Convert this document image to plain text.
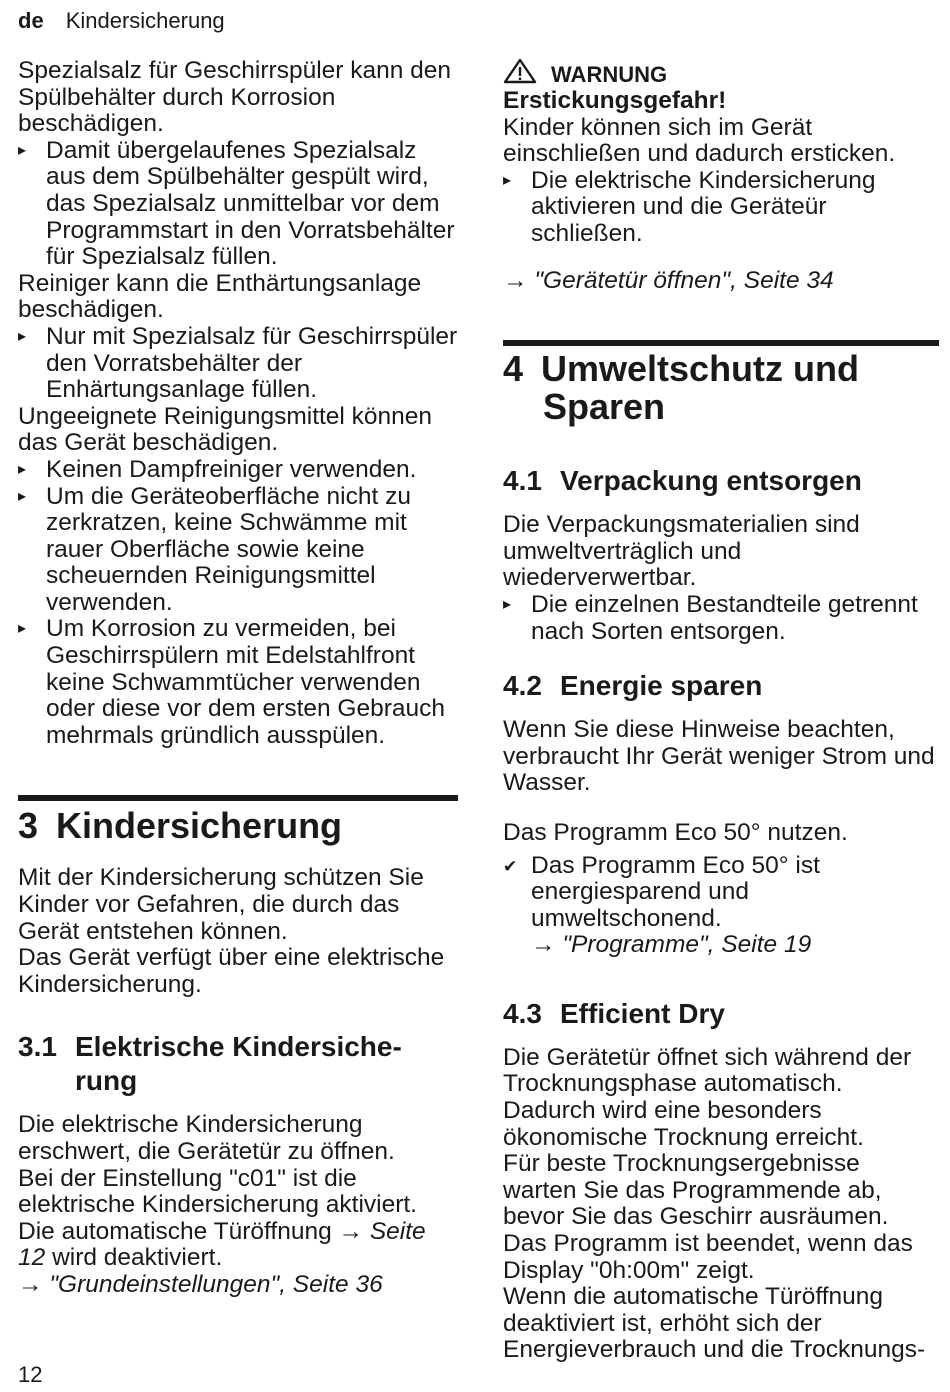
de Kindersicherung

Spezialsalz für Geschirrspüler kann den Spülbehälter durch Korrosion beschädigen.

▸ Damit übergelaufenes Spezialsalz aus dem Spülbehälter gespült wird, das Spezialsalz unmittelbar vor dem Programmstart in den Vorratsbehälter für Spezialsalz füllen.

Reiniger kann die Enthärtungsanlage beschädigen.

▸ Nur mit Spezialsalz für Geschirrspüler den Vorratsbehälter der Enhärtungsanlage füllen.

Ungeeignete Reinigungsmittel können das Gerät beschädigen.

▸ Keinen Dampfreiniger verwenden.

▸ Um die Geräteoberfläche nicht zu zerkratzen, keine Schwämme mit rauer Oberfläche sowie keine scheuernden Reinigungsmittel verwenden.

▸ Um Korrosion zu vermeiden, bei Geschirrspülern mit Edelstahlfront keine Schwammtücher verwenden oder diese vor dem ersten Gebrauch mehrmals gründlich ausspülen.

3 Kindersicherung

Mit der Kindersicherung schützen Sie Kinder vor Gefahren, die durch das Gerät entstehen können.

Das Gerät verfügt über eine elektrische Kindersicherung.

3.1 Elektrische Kindersiche-
rung

Die elektrische Kindersicherung erschwert, die Gerätetür zu öffnen.

Bei der Einstellung "c01" ist die elektrische Kindersicherung aktiviert. Die automatische Türöffnung → Seite 12 wird deaktiviert.

→ "Grundeinstellungen", Seite 36

WARNUNG

Erstickungsgefahr!

Kinder können sich im Gerät einschließen und dadurch ersticken.

▸ Die elektrische Kindersicherung aktivieren und die Geräteür schließen.

→ "Gerätetür öffnen", Seite 34

4 Umweltschutz und
Sparen
4.1 Verpackung entsorgen

Die Verpackungsmaterialien sind umweltverträglich und wiederverwertbar.

▸ Die einzelnen Bestandteile getrennt nach Sorten entsorgen.

4.2 Energie sparen

Wenn Sie diese Hinweise beachten, verbraucht Ihr Gerät weniger Strom und Wasser.

Das Programm Eco 50° nutzen.

✔ Das Programm Eco 50° ist energiesparend und umweltschonend.
→ "Programme", Seite 19

4.3 Efficient Dry

Die Gerätetür öffnet sich während der Trocknungsphase automatisch. Dadurch wird eine besonders ökonomische Trocknung erreicht.

Für beste Trocknungsergebnisse warten Sie das Programmende ab, bevor Sie das Geschirr ausräumen.

Das Programm ist beendet, wenn das Display "0h:00m" zeigt.

Wenn die automatische Türöffnung deaktiviert ist, erhöht sich der Energieverbrauch und die Trocknungs-

12
